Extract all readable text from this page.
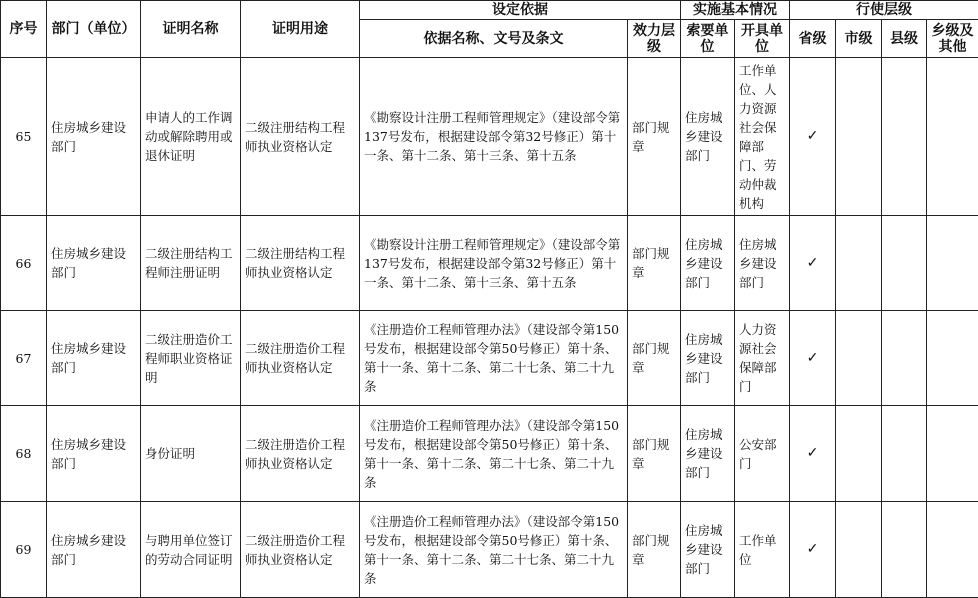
序号	部门（单位）	证明名称	证明用途	设定依据		实施基本情况		行使层级			
				依据名称、文号及条文	效力层级	索要单位	开具单位	省级	市级	县级	乡级及其他
65	住房城乡建设部门	申请人的工作调动或解除聘用或退休证明	二级注册结构工程师执业资格认定	《勘察设计注册工程师管理规定》（建设部令第137号发布，根据建设部令第32号修正）第十一条、第十二条、第十三条、第十五条	部门规章	住房城乡建设部门	工作单位、人力资源社会保障部门、劳动仲裁机构	✓			
66	住房城乡建设部门	二级注册结构工程师注册证明	二级注册结构工程师执业资格认定	《勘察设计注册工程师管理规定》（建设部令第137号发布，根据建设部令第32号修正）第十一条、第十二条、第十三条、第十五条	部门规章	住房城乡建设部门	住房城乡建设部门	✓			
67	住房城乡建设部门	二级注册造价工程师职业资格证明	二级注册造价工程师执业资格认定	《注册造价工程师管理办法》（建设部令第150号发布，根据建设部令第50号修正）第十条、第十一条、第十二条、第二十七条、第二十九条	部门规章	住房城乡建设部门	人力资源社会保障部门	✓			
68	住房城乡建设部门	身份证明	二级注册造价工程师执业资格认定	《注册造价工程师管理办法》（建设部令第150号发布，根据建设部令第50号修正）第十条、第十一条、第十二条、第二十七条、第二十九条	部门规章	住房城乡建设部门	公安部门	✓			
69	住房城乡建设部门	与聘用单位签订的劳动合同证明	二级注册造价工程师执业资格认定	《注册造价工程师管理办法》（建设部令第150号发布，根据建设部令第50号修正）第十条、第十一条、第十二条、第二十七条、第二十九条	部门规章	住房城乡建设部门	工作单位	✓			
